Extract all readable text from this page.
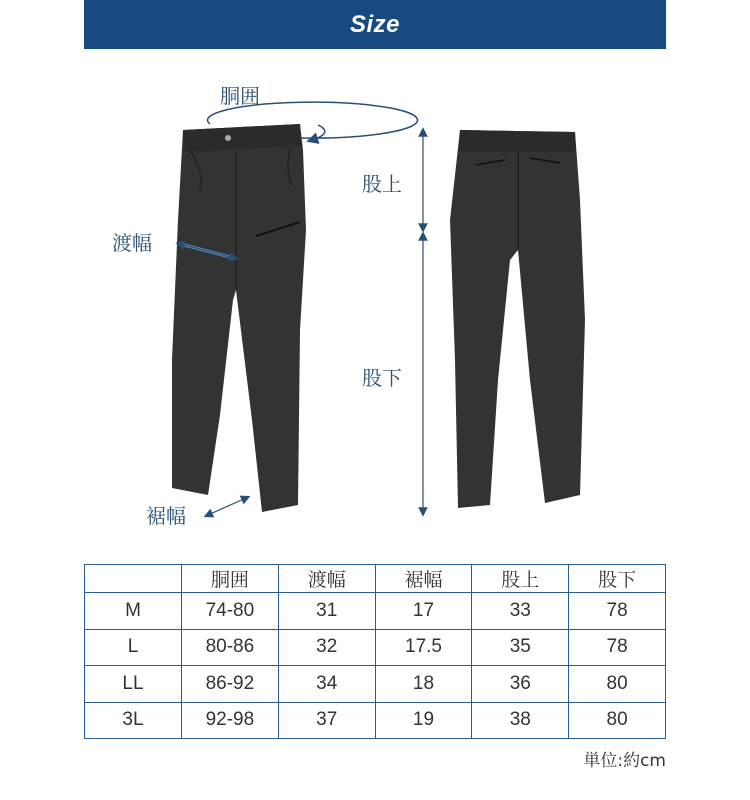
Size
胴囲
渡幅
裾幅
股上
股下
	胴囲	渡幅	裾幅	股上	股下
M	74-80	31	17	33	78
L	80-86	32	17.5	35	78
LL	86-92	34	18	36	80
3L	92-98	37	19	38	80
単位:約cm
